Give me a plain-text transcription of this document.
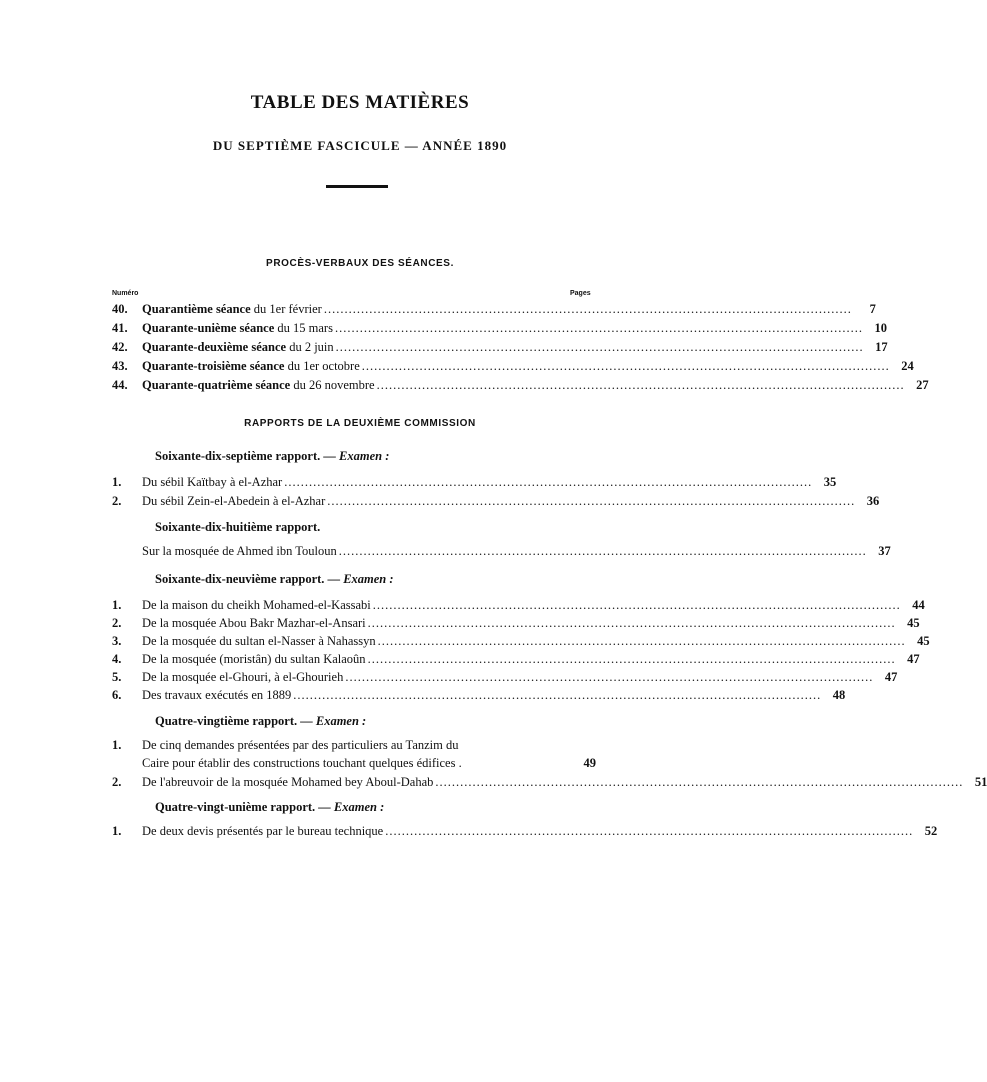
TABLE DES MATIÈRES
DU SEPTIÈME FASCICULE — ANNÉE 1890
PROCÈS-VERBAUX DES SÉANCES.
Numéro	Pages
40.	Quarantième séance du 1er février .....	7
41.	Quarante-unième séance du 15 mars .....	10
42.	Quarante-deuxième séance du 2 juin .....	17
43.	Quarante-troisième séance du 1er octobre .....	24
44.	Quarante-quatrième séance du 26 novembre .....	27
RAPPORTS DE LA DEUXIÈME COMMISSION
Soixante-dix-septième rapport. — Examen :
1.	Du sébil Kaïtbay à el-Azhar .....	35
2.	Du sébil Zein-el-Abedein à el-Azhar .....	36
Soixante-dix-huitième rapport.
Sur la mosquée de Ahmed ibn Touloun .....	37
Soixante-dix-neuvième rapport. — Examen :
1.	De la maison du cheikh Mohamed-el-Kassabi .....	44
2.	De la mosquée Abou Bakr Mazhar-el-Ansari .....	45
3.	De la mosquée du sultan el-Nasser à Nahassyn .....	45
4.	De la mosquée (moristân) du sultan Kalaoûn .....	47
5.	De la mosquée el-Ghouri, à el-Ghourieh .....	47
6.	Des travaux exécutés en 1889 .....	48
Quatre-vingtième rapport. — Examen :
1.	De cinq demandes présentées par des particuliers au Tanzim du
Caire pour établir des constructions touchant quelques édifices .	49
2.	De l'abreuvoir de la mosquée Mohamed bey Aboul-Dahab .....	51
Quatre-vingt-unième rapport. — Examen :
1.	De deux devis présentés par le bureau technique .....	52
